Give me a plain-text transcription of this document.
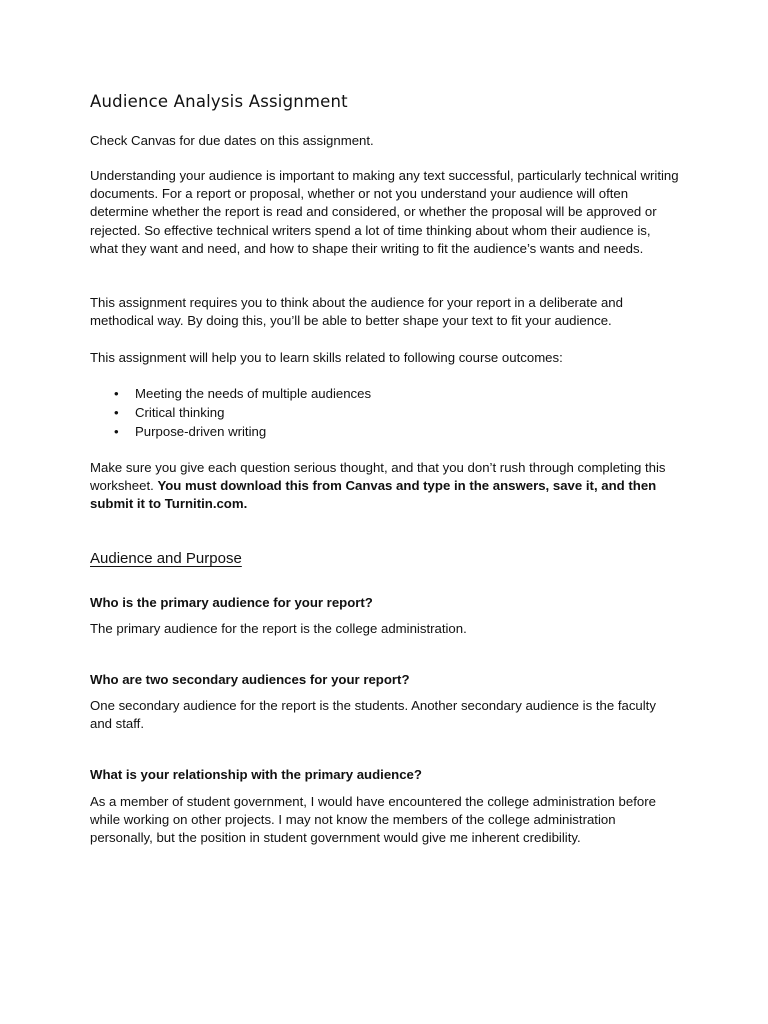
Audience Analysis Assignment

Check Canvas for due dates on this assignment.

Understanding your audience is important to making any text successful, particularly technical writing documents. For a report or proposal, whether or not you understand your audience will often determine whether the report is read and considered, or whether the proposal will be approved or rejected. So effective technical writers spend a lot of time thinking about whom their audience is, what they want and need, and how to shape their writing to fit the audience’s wants and needs.

This assignment requires you to think about the audience for your report in a deliberate and methodical way. By doing this, you’ll be able to better shape your text to fit your audience.

This assignment will help you to learn skills related to following course outcomes:

• Meeting the needs of multiple audiences
• Critical thinking
• Purpose-driven writing

Make sure you give each question serious thought, and that you don’t rush through completing this worksheet. You must download this from Canvas and type in the answers, save it, and then submit it to Turnitin.com.

Audience and Purpose

Who is the primary audience for your report?

The primary audience for the report is the college administration.

Who are two secondary audiences for your report?

One secondary audience for the report is the students. Another secondary audience is the faculty and staff.

What is your relationship with the primary audience?

As a member of student government, I would have encountered the college administration before while working on other projects. I may not know the members of the college administration personally, but the position in student government would give me inherent credibility.
